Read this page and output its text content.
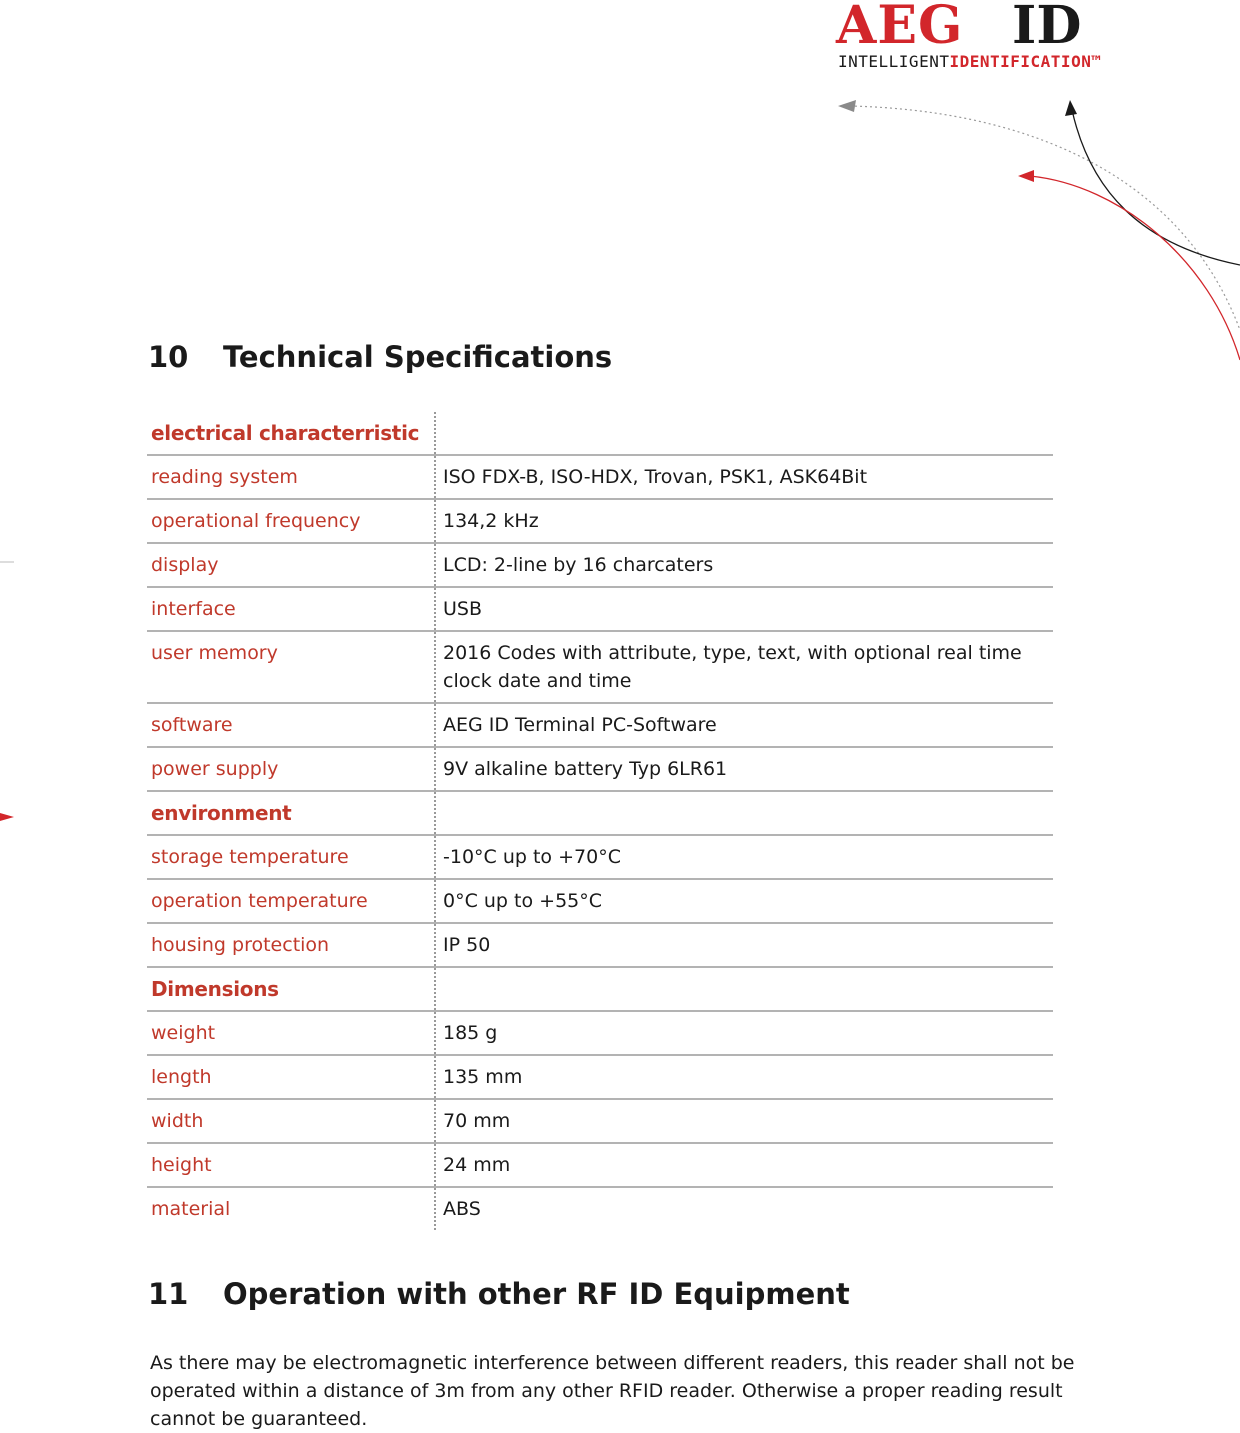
AEG ID
INTELLIGENTIDENTIFICATION™
10 Technical Specifications
electrical characterristic	
reading system	ISO FDX-B, ISO-HDX, Trovan, PSK1, ASK64Bit
operational frequency	134,2 kHz
display	LCD: 2-line by 16 charcaters
interface	USB
user memory	2016 Codes with attribute, type, text, with optional real time clock date and time
software	AEG ID Terminal PC-Software
power supply	9V alkaline battery Typ 6LR61
environment	
storage temperature	-10°C up to +70°C
operation temperature	0°C up to +55°C
housing protection	IP 50
Dimensions	
weight	185 g
length	135 mm
width	70 mm
height	24 mm
material	ABS
11 Operation with other RF ID Equipment

As there may be electromagnetic interference between different readers, this reader shall not be operated within a distance of 3m from any other RFID reader. Otherwise a proper reading result cannot be guaranteed.
